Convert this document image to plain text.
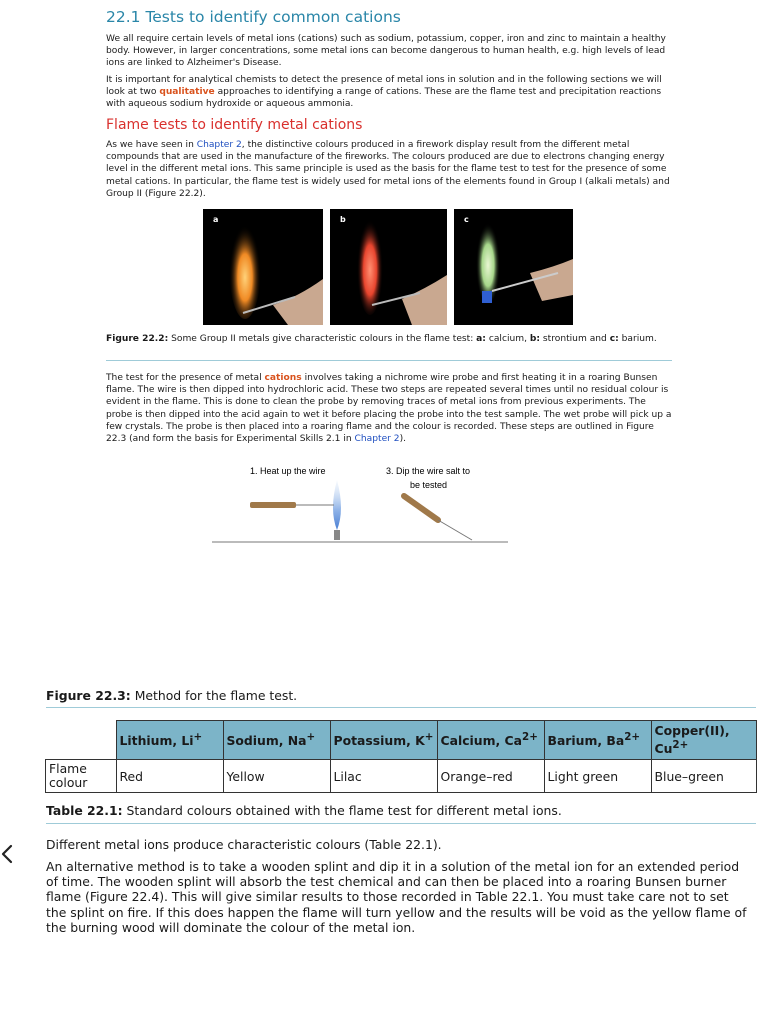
22.1 Tests to identify common cations

We all require certain levels of metal ions (cations) such as sodium, potassium, copper, iron and zinc to maintain a healthy body. However, in larger concentrations, some metal ions can become dangerous to human health, e.g. high levels of lead ions are linked to Alzheimer's Disease.

It is important for analytical chemists to detect the presence of metal ions in solution and in the following sections we will look at two qualitative approaches to identifying a range of cations. These are the flame test and precipitation reactions with aqueous sodium hydroxide or aqueous ammonia.

Flame tests to identify metal cations

As we have seen in Chapter 2, the distinctive colours produced in a firework display result from the different metal compounds that are used in the manufacture of the fireworks. The colours produced are due to electrons changing energy level in the different metal ions. This same principle is used as the basis for the flame test to test for the presence of some metal cations. In particular, the flame test is widely used for metal ions of the elements found in Group I (alkali metals) and Group II (Figure 22.2).

a	b	c
Figure 22.2: Some Group II metals give characteristic colours in the flame test: a: calcium, b: strontium and c: barium.

The test for the presence of metal cations involves taking a nichrome wire probe and first heating it in a roaring Bunsen flame. The wire is then dipped into hydrochloric acid. These two steps are repeated several times until no residual colour is evident in the flame. This is done to clean the probe by removing traces of metal ions from previous experiments. The probe is then dipped into the acid again to wet it before placing the probe into the test sample. The wet probe will pick up a few crystals. The probe is then placed into a roaring flame and the colour is recorded. These steps are outlined in Figure 22.3 (and form the basis for Experimental Skills 2.1 in Chapter 2).

1. Heat up the wire	3. Dip the wire salt to
be tested
Figure 22.3: Method for the flame test.
	Lithium, Li+	Sodium, Na+	Potassium, K+	Calcium, $Ca^{2+}$	Barium, $Ba^{2+}$	Copper(II),
$Cu^{2+}$
Flame
colour	Red	Yellow	Lilac	Orange–red	Light green	Blue–green
Table 22.1: Standard colours obtained with the flame test for different metal ions.
Different metal ions produce characteristic colours (Table 22.1).
An alternative method is to take a wooden splint and dip it in a solution of the metal ion for an extended period of time. The wooden splint will absorb the test chemical and can then be placed into a roaring Bunsen burner flame (Figure 22.4). This will give similar results to those recorded in Table 22.1. You must take care not to set the splint on fire. If this does happen the flame will turn yellow and the results will be void as the yellow flame of the burning wood will dominate the colour of the metal ion.
